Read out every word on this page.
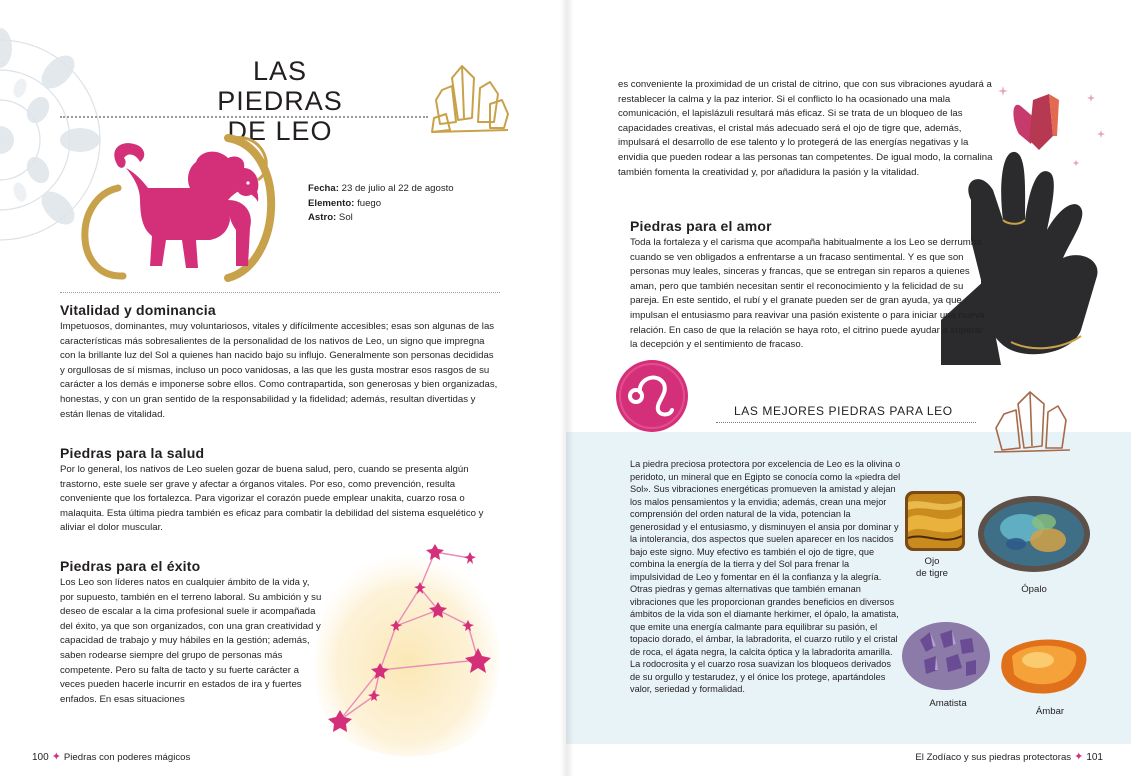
LAS PIEDRAS
DE LEO
Fecha: 23 de julio al 22 de agosto
Elemento: fuego
Astro: Sol
Vitalidad y dominancia

Impetuosos, dominantes, muy voluntariosos, vitales y difícilmente accesibles; esas son algunas de las características más sobresalientes de la personalidad de los nativos de Leo, un signo que impregna con la brillante luz del Sol a quienes han nacido bajo su influjo. Generalmente son personas decididas y orgullosas de sí mismas, incluso un poco vanidosas, a las que les gusta mostrar esos rasgos de su carácter a los demás e imponerse sobre ellos. Como contrapartida, son generosas y bien organizadas, honestas, y con un gran sentido de la responsabilidad y la fidelidad; además, resultan divertidas y están llenas de vitalidad.

Piedras para la salud

Por lo general, los nativos de Leo suelen gozar de buena salud, pero, cuando se presenta algún trastorno, este suele ser grave y afectar a órganos vitales. Por eso, como prevención, resulta conveniente que los fortalezca. Para vigorizar el corazón puede emplear unakita, cuarzo rosa o malaquita. Esta última piedra también es eficaz para combatir la debilidad del sistema esquelético y aliviar el dolor muscular.

Piedras para el éxito

Los Leo son líderes natos en cualquier ámbito de la vida y, por supuesto, también en el terreno laboral. Su ambición y su deseo de escalar a la cima profesional suele ir acompañada del éxito, ya que son organizados, con una gran creatividad y capacidad de trabajo y muy hábiles en la gestión; además, saben rodearse siempre del grupo de personas más competente. Pero su falta de tacto y su fuerte carácter a veces pueden hacerle incurrir en estados de ira y fuertes enfados. En esas situaciones

100 ✦ Piedras con poderes mágicos

es conveniente la proximidad de un cristal de citrino, que con sus vibraciones ayudará a restablecer la calma y la paz interior. Si el conflicto lo ha ocasionado una mala comunicación, el lapislázuli resultará más eficaz. Si se trata de un bloqueo de las capacidades creativas, el cristal más adecuado será el ojo de tigre que, además, impulsará el desarrollo de ese talento y lo protegerá de las energías negativas y la envidia que pueden rodear a las personas tan competentes. De igual modo, la cornalina también fomenta la creatividad y, por añadidura la pasión y la vitalidad.

Piedras para el amor

Toda la fortaleza y el carisma que acompaña habitualmente a los Leo se derrumba cuando se ven obligados a enfrentarse a un fracaso sentimental. Y es que son personas muy leales, sinceras y francas, que se entregan sin reparos a quienes aman, pero que también necesitan sentir el reconocimiento y la felicidad de su pareja. En este sentido, el rubí y el granate pueden ser de gran ayuda, ya que impulsan el entusiasmo para reavivar una pasión existente o para iniciar una nueva relación. En caso de que la relación se haya roto, el citrino puede ayudar a superar la decepción y el sentimiento de fracaso.

LAS MEJORES PIEDRAS PARA LEO

La piedra preciosa protectora por excelencia de Leo es la olivina o peridoto, un mineral que en Egipto se conocía como la «piedra del Sol». Sus vibraciones energéticas promueven la amistad y alejan los malos pensamientos y la envidia; además, crean una mejor comprensión del orden natural de la vida, potencian la generosidad y el entusiasmo, y disminuyen el ansia por dominar y la intolerancia, dos aspectos que suelen aparecer en los nacidos bajo este signo. Muy efectivo es también el ojo de tigre, que combina la energía de la tierra y del Sol para frenar la impulsividad de Leo y fomentar en él la confianza y la alegría. Otras piedras y gemas alternativas que también emanan vibraciones que les proporcionan grandes beneficios en diversos ámbitos de la vida son el diamante herkimer, el ópalo, la amatista, que emite una energía calmante para equilibrar su pasión, el topacio dorado, el ámbar, la labradorita, el cuarzo rutilo y el cristal de roca, el ágata negra, la calcita óptica y la labradorita amarilla. La rodocrosita y el cuarzo rosa suavizan los bloqueos derivados de su orgullo y testarudez, y el ónice los protege, apartándoles valor, seriedad y formalidad.

Ojo
de tigre
Ópalo
Amatista
Ámbar
El Zodíaco y sus piedras protectoras ✦ 101
